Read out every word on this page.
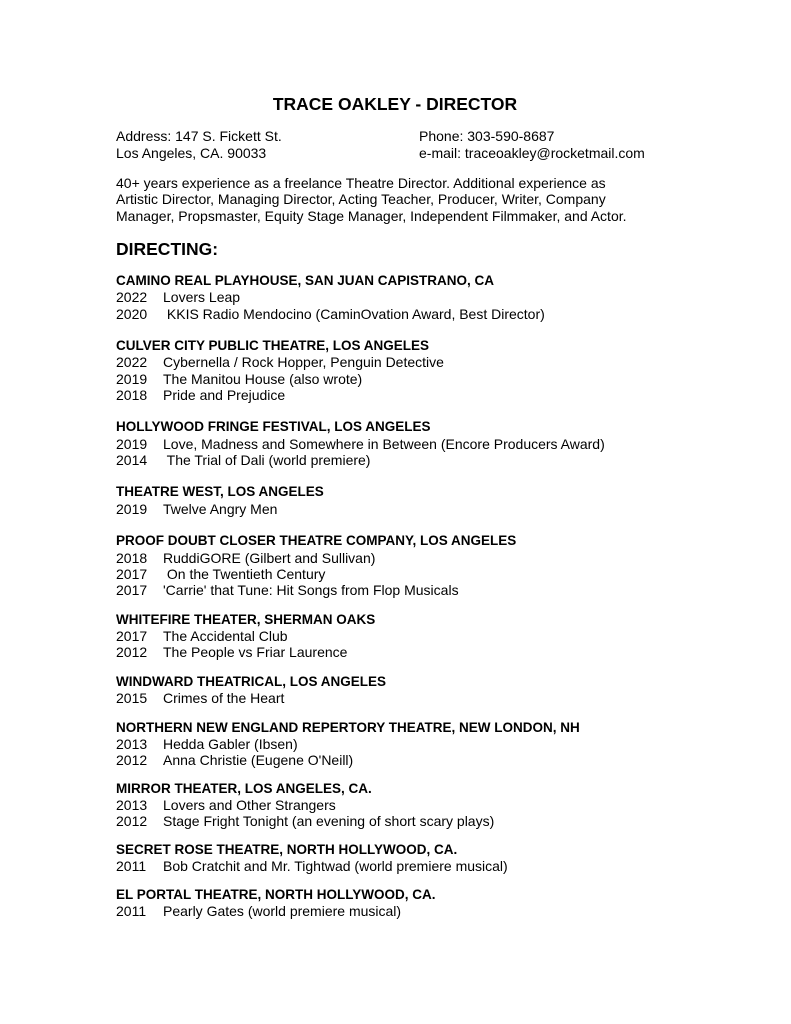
TRACE OAKLEY - DIRECTOR
Address: 147 S. Fickett St.
Los Angeles, CA. 90033
Phone: 303-590-8687
e-mail: traceoakley@rocketmail.com
40+ years experience as a freelance Theatre Director. Additional experience as
Artistic Director, Managing Director, Acting Teacher, Producer, Writer, Company
Manager, Propsmaster, Equity Stage Manager, Independent Filmmaker, and Actor.
DIRECTING:
CAMINO REAL PLAYHOUSE, SAN JUAN CAPISTRANO, CA
2022	Lovers Leap
2020	KKIS Radio Mendocino (CaminOvation Award, Best Director)
CULVER CITY PUBLIC THEATRE, LOS ANGELES
2022	Cybernella / Rock Hopper, Penguin Detective
2019	The Manitou House (also wrote)
2018	Pride and Prejudice
HOLLYWOOD FRINGE FESTIVAL, LOS ANGELES
2019	Love, Madness and Somewhere in Between (Encore Producers Award)
2014	The Trial of Dali (world premiere)
THEATRE WEST, LOS ANGELES
2019	Twelve Angry Men
PROOF DOUBT CLOSER THEATRE COMPANY, LOS ANGELES
2018	RuddiGORE (Gilbert and Sullivan)
2017	On the Twentieth Century
2017	'Carrie' that Tune: Hit Songs from Flop Musicals
WHITEFIRE THEATER, SHERMAN OAKS
2017	The Accidental Club
2012	The People vs Friar Laurence
WINDWARD THEATRICAL, LOS ANGELES
2015	Crimes of the Heart
NORTHERN NEW ENGLAND REPERTORY THEATRE, NEW LONDON, NH
2013	Hedda Gabler (Ibsen)
2012	Anna Christie (Eugene O'Neill)
MIRROR THEATER, LOS ANGELES, CA.
2013	Lovers and Other Strangers
2012	Stage Fright Tonight (an evening of short scary plays)
SECRET ROSE THEATRE, NORTH HOLLYWOOD, CA.
2011	Bob Cratchit and Mr. Tightwad (world premiere musical)
EL PORTAL THEATRE, NORTH HOLLYWOOD, CA.
2011	Pearly Gates (world premiere musical)
